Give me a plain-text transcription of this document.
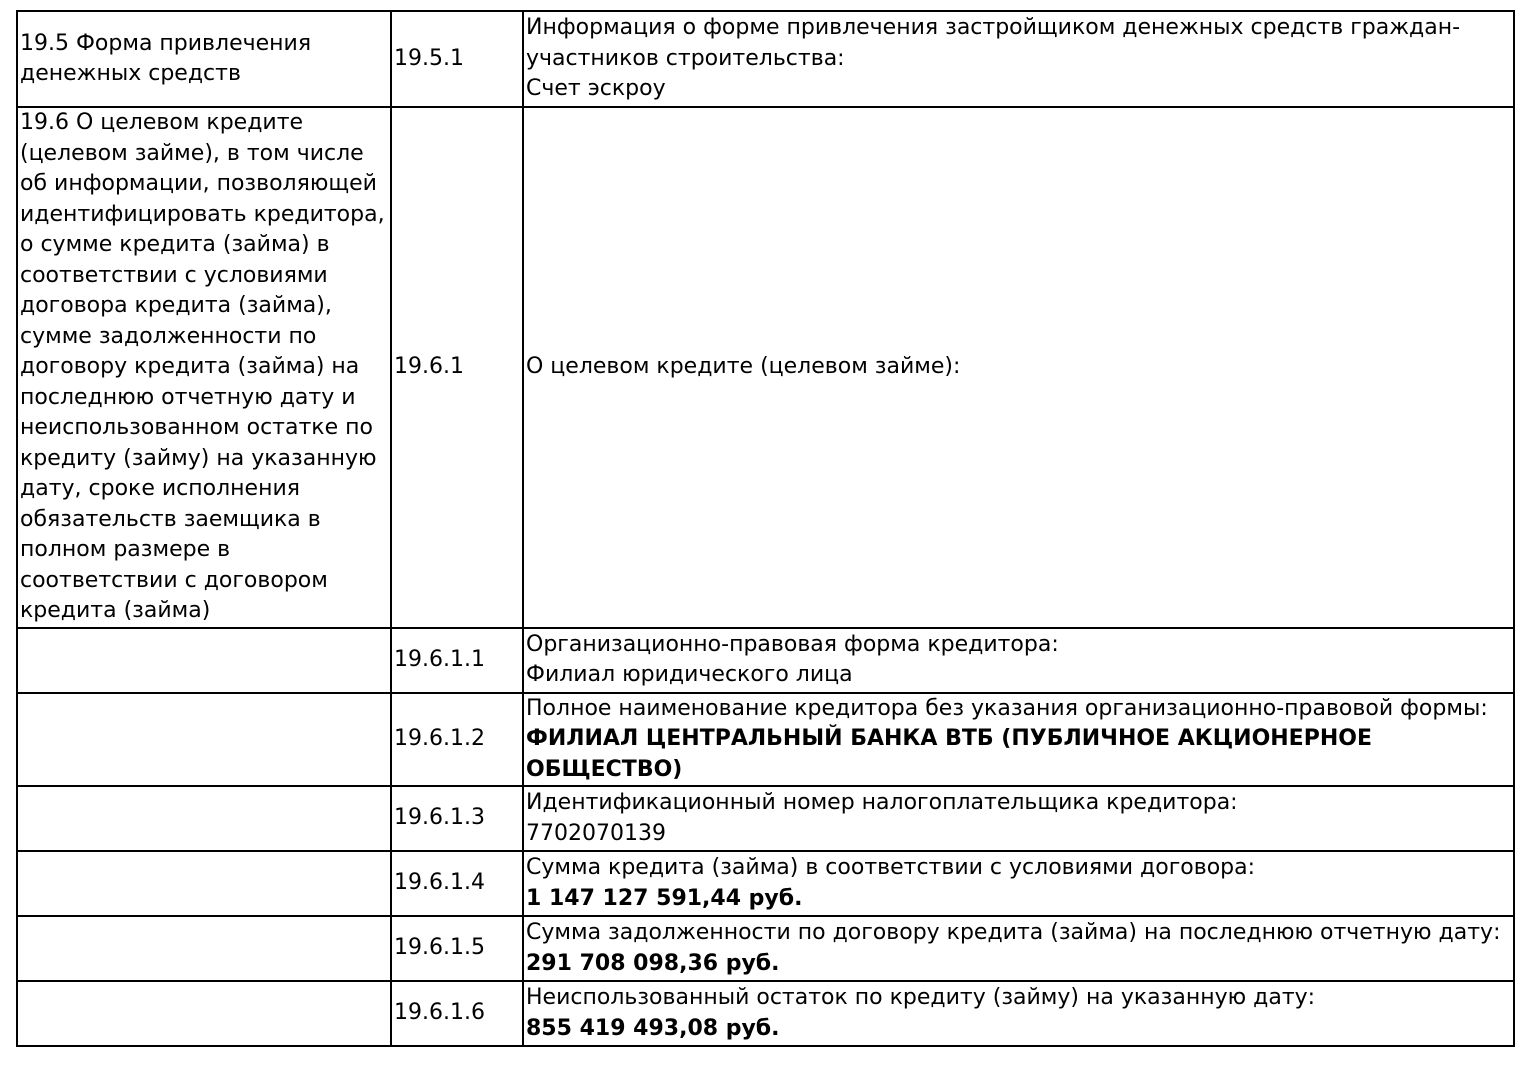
19.5 Форма привлечения денежных средств	19.5.1	Информация о форме привлечения застройщиком денежных средств граждан-участников строительства:
Счет эскроу

19.6 О целевом кредите (целевом займе), в том числе об информации, позволяющей идентифицировать кредитора, о сумме кредита (займа) в соответствии с условиями договора кредита (займа), сумме задолженности по договору кредита (займа) на последнюю отчетную дату и неиспользованном остатке по кредиту (займу) на указанную дату, сроке исполнения обязательств заемщика в полном размере в соответствии с договором кредита (займа)	19.6.1	О целевом кредите (целевом займе):

	19.6.1.1	Организационно-правовая форма кредитора:
Филиал юридического лица

	19.6.1.2	Полное наименование кредитора без указания организационно-правовой формы:
ФИЛИАЛ ЦЕНТРАЛЬНЫЙ БАНКА ВТБ (ПУБЛИЧНОЕ АКЦИОНЕРНОЕ ОБЩЕСТВО)

	19.6.1.3	Идентификационный номер налогоплательщика кредитора:
7702070139

	19.6.1.4	Сумма кредита (займа) в соответствии с условиями договора:
1 147 127 591,44 руб.

	19.6.1.5	Сумма задолженности по договору кредита (займа) на последнюю отчетную дату:
291 708 098,36 руб.

	19.6.1.6	Неиспользованный остаток по кредиту (займу) на указанную дату:
855 419 493,08 руб.
